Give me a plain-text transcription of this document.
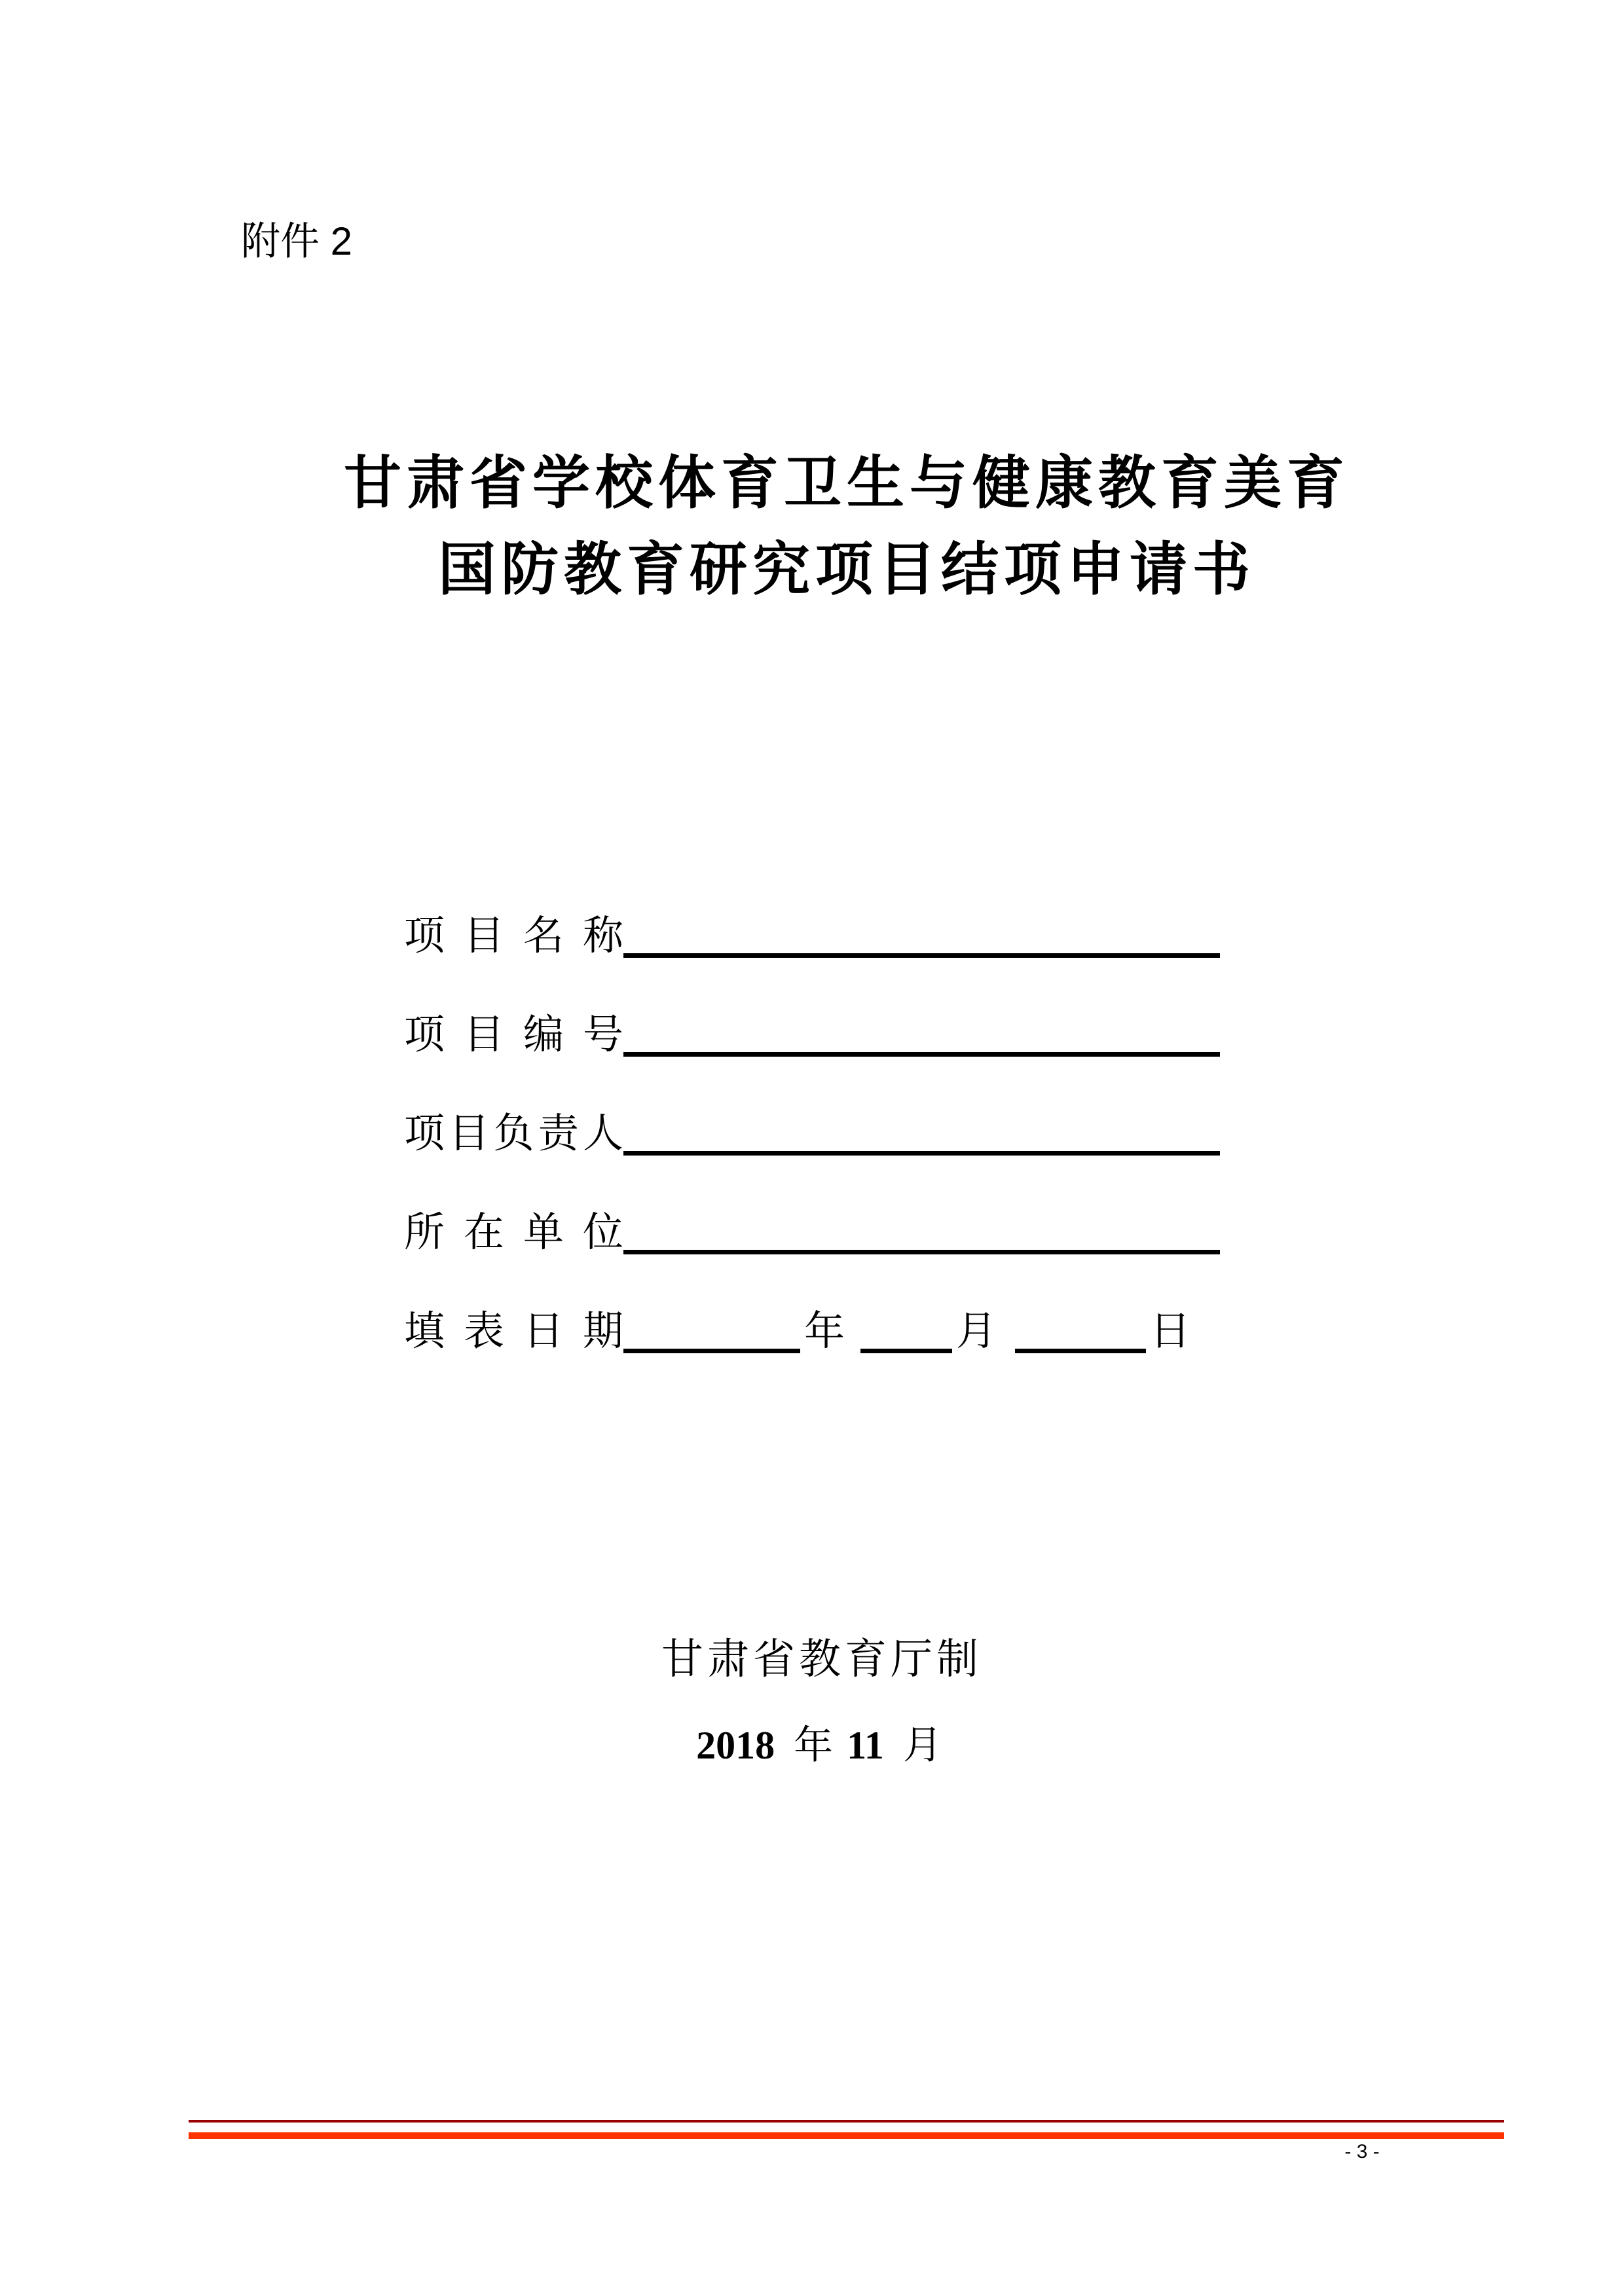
附件 2
甘肃省学校体育卫生与健康教育美育
国防教育研究项目结项申请书
项 目 名 称
项 目 编 号
项目负责人
所 在 单 位
填 表 日 期	年	月	日
甘肃省教育厅制
2018 年 11 月
- 3 -
